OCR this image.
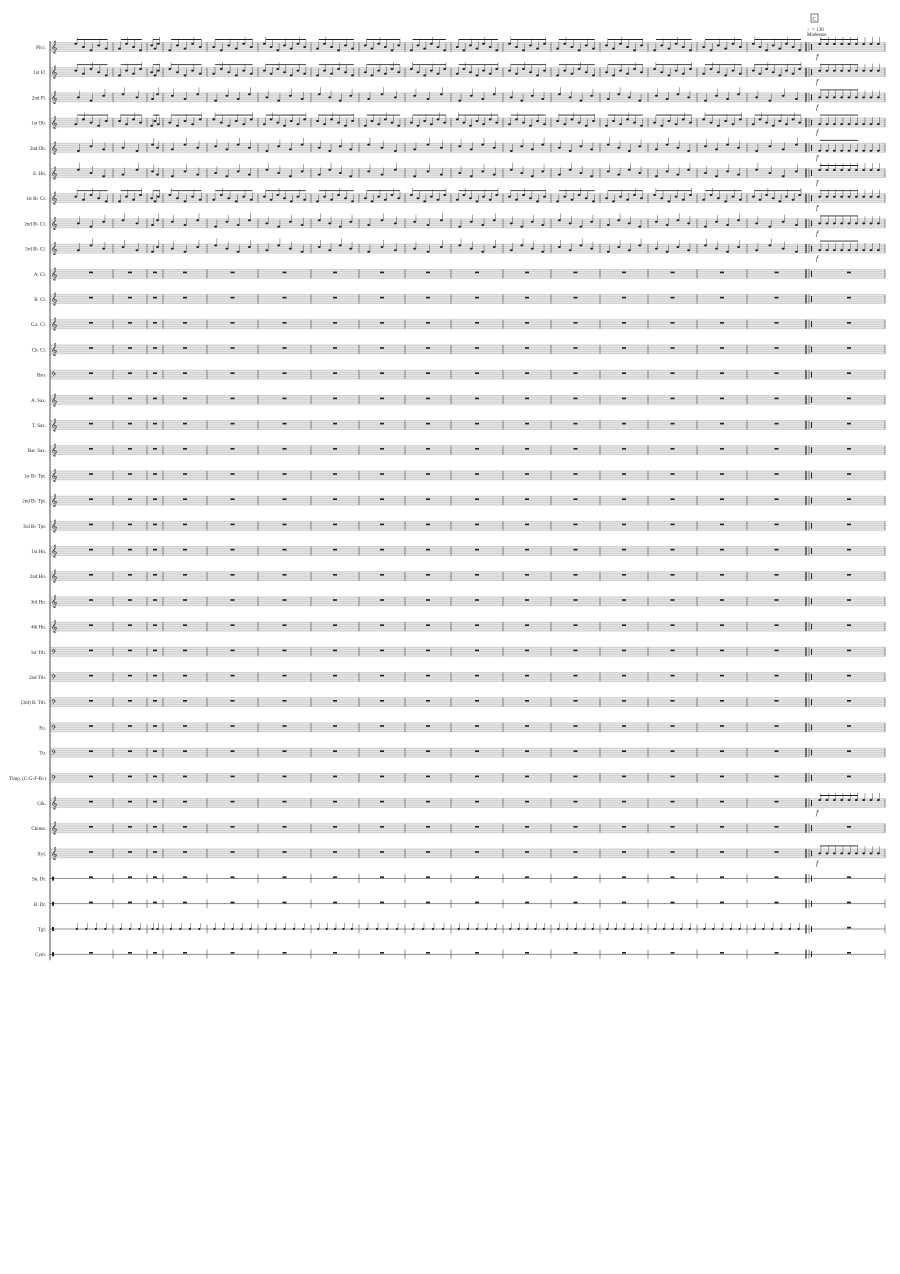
Picc. 𝄞
f
1st Fl. 𝄞
f
2nd Fl. 𝄞
f
1st Ob. 𝄞
f
2nd Ob. 𝄞
f
E. Hn. 𝄞
f
1st B♭ Cl. 𝄞
f
2nd B♭ Cl. 𝄞
f
3rd B♭ Cl. 𝄞
f
A. Cl. 𝄞
B. Cl. 𝄞
C.a. Cl. 𝄞
Cb. Cl. 𝄞
Bsn. 𝄢
A. Sax. 𝄞
T. Sax. 𝄞
Bar. Sax. 𝄞
1st B♭ Tpt. 𝄞
2nd B♭ Tpt. 𝄞
3rd B♭ Tpt. 𝄞
1st Hn. 𝄞
2nd Hn. 𝄞
3rd Hn. 𝄞
4th Hn. 𝄞
1st Trb. 𝄢
2nd Trb. 𝄢
(3rd) B. Trb. 𝄢
Eu. 𝄢
Tu. 𝄢
Timp. (C-G-F-B♭) 𝄢
Glk. 𝄞
f
Chime. 𝄞
Xyl. 𝄞
f
Sn. Dr.
B. Dr.
Tgl.
Cym.
C
♩= 130
Moderato
